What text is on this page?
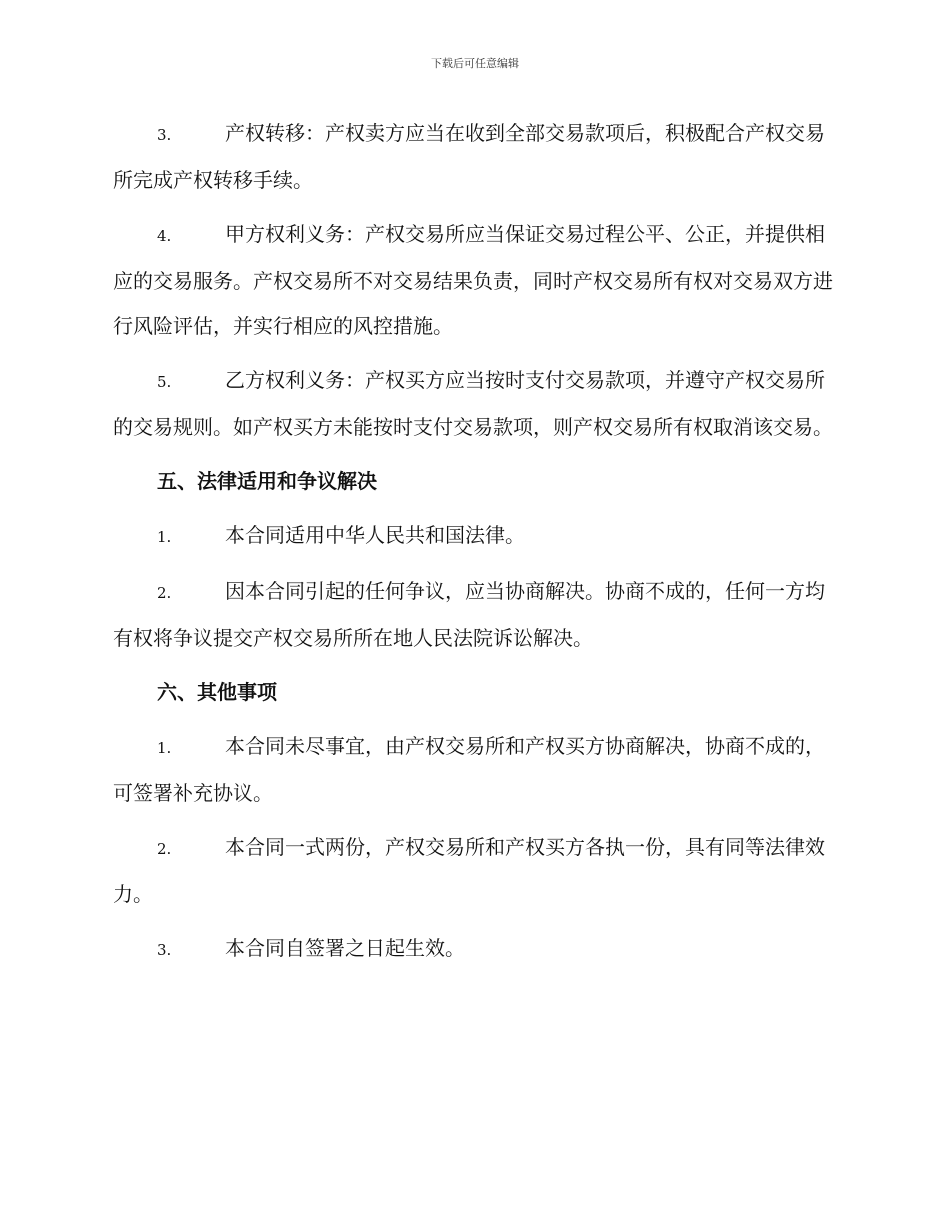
下载后可任意编辑

3.	产权转移：产权卖方应当在收到全部交易款项后，积极配合产权交易所完成产权转移手续。

4.	甲方权利义务：产权交易所应当保证交易过程公平、公正，并提供相应的交易服务。产权交易所不对交易结果负责，同时产权交易所有权对交易双方进行风险评估，并实行相应的风控措施。

5.	乙方权利义务：产权买方应当按时支付交易款项，并遵守产权交易所的交易规则。如产权买方未能按时支付交易款项，则产权交易所有权取消该交易。

五、法律适用和争议解决

1.	本合同适用中华人民共和国法律。

2.	因本合同引起的任何争议，应当协商解决。协商不成的，任何一方均有权将争议提交产权交易所所在地人民法院诉讼解决。

六、其他事项

1.	本合同未尽事宜，由产权交易所和产权买方协商解决，协商不成的，可签署补充协议。

2.	本合同一式两份，产权交易所和产权买方各执一份，具有同等法律效力。

3.	本合同自签署之日起生效。
